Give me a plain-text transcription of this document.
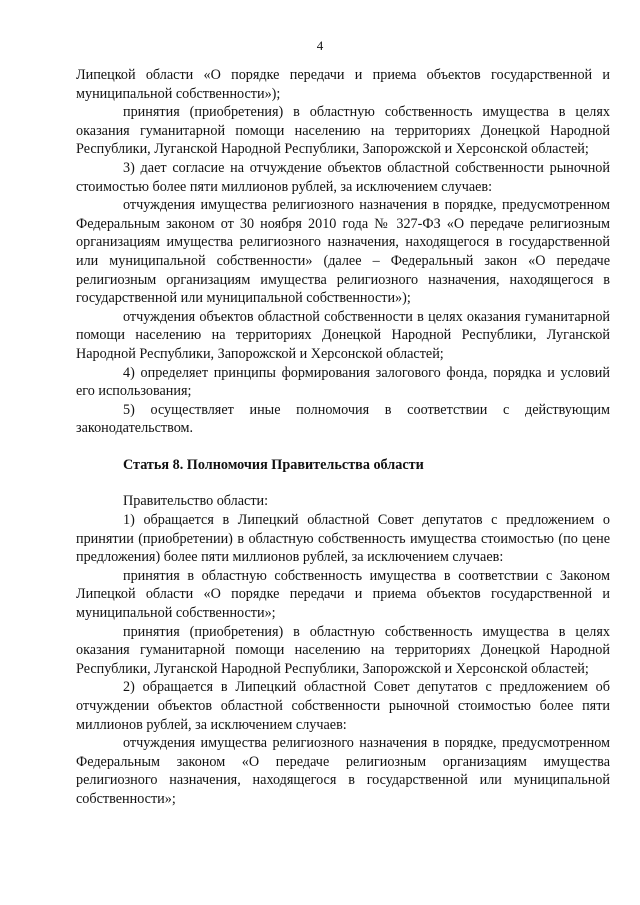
4

Липецкой области «О порядке передачи и приема объектов государственной и муниципальной собственности»);

принятия (приобретения) в областную собственность имущества в целях оказания гуманитарной помощи населению на территориях Донецкой Народной Республики, Луганской Народной Республики, Запорожской и Херсонской областей;

3) дает согласие на отчуждение объектов областной собственности рыночной стоимостью более пяти миллионов рублей, за исключением случаев:

отчуждения имущества религиозного назначения в порядке, предусмотренном Федеральным законом от 30 ноября 2010 года № 327-ФЗ «О передаче религиозным организациям имущества религиозного назначения, находящегося в государственной или муниципальной собственности» (далее – Федеральный закон «О передаче религиозным организациям имущества религиозного назначения, находящегося в государственной или муниципальной собственности»);

отчуждения объектов областной собственности в целях оказания гуманитарной помощи населению на территориях Донецкой Народной Республики, Луганской Народной Республики, Запорожской и Херсонской областей;

4) определяет принципы формирования залогового фонда, порядка и условий его использования;

5) осуществляет иные полномочия в соответствии с действующим законодательством.

Статья 8. Полномочия Правительства области

Правительство области:

1) обращается в Липецкий областной Совет депутатов с предложением о принятии (приобретении) в областную собственность имущества стоимостью (по цене предложения) более пяти миллионов рублей, за исключением случаев:

принятия в областную собственность имущества в соответствии с Законом Липецкой области «О порядке передачи и приема объектов государственной и муниципальной собственности»;

принятия (приобретения) в областную собственность имущества в целях оказания гуманитарной помощи населению на территориях Донецкой Народной Республики, Луганской Народной Республики, Запорожской и Херсонской областей;

2) обращается в Липецкий областной Совет депутатов с предложением об отчуждении объектов областной собственности рыночной стоимостью более пяти миллионов рублей, за исключением случаев:

отчуждения имущества религиозного назначения в порядке, предусмотренном Федеральным законом «О передаче религиозным организациям имущества религиозного назначения, находящегося в государственной или муниципальной собственности»;
